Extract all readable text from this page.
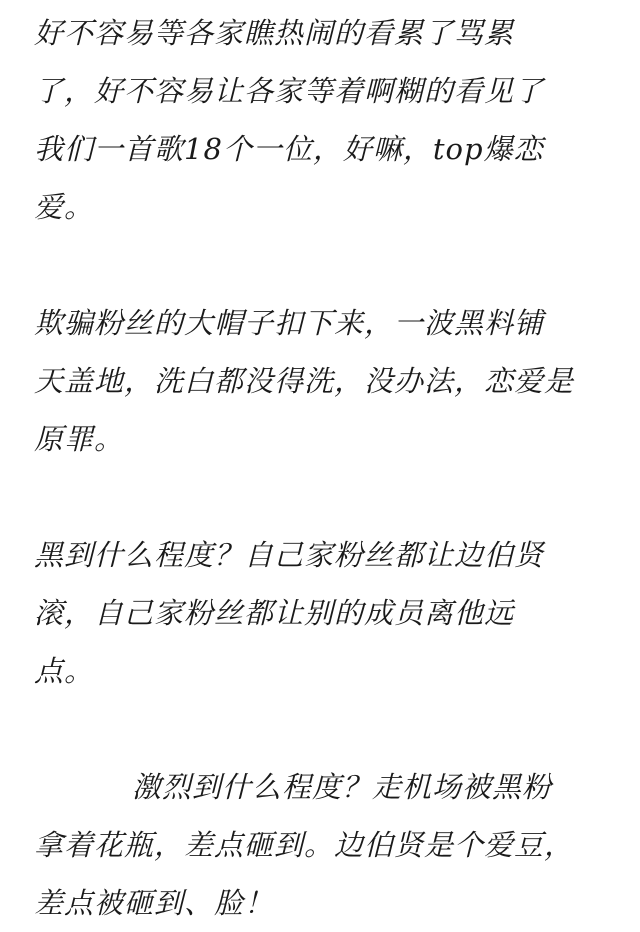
好不容易等各家瞧热闹的看累了骂累
了，好不容易让各家等着啊糊的看见了
我们一首歌18个一位，好嘛，top爆恋
爱。

欺骗粉丝的大帽子扣下来，一波黑料铺
天盖地，洗白都没得洗，没办法，恋爱是
原罪。

黑到什么程度？自己家粉丝都让边伯贤
滚，自己家粉丝都让别的成员离他远
点。

激烈到什么程度？走机场被黑粉
拿着花瓶，差点砸到。边伯贤是个爱豆，
差点被砸到、脸！
